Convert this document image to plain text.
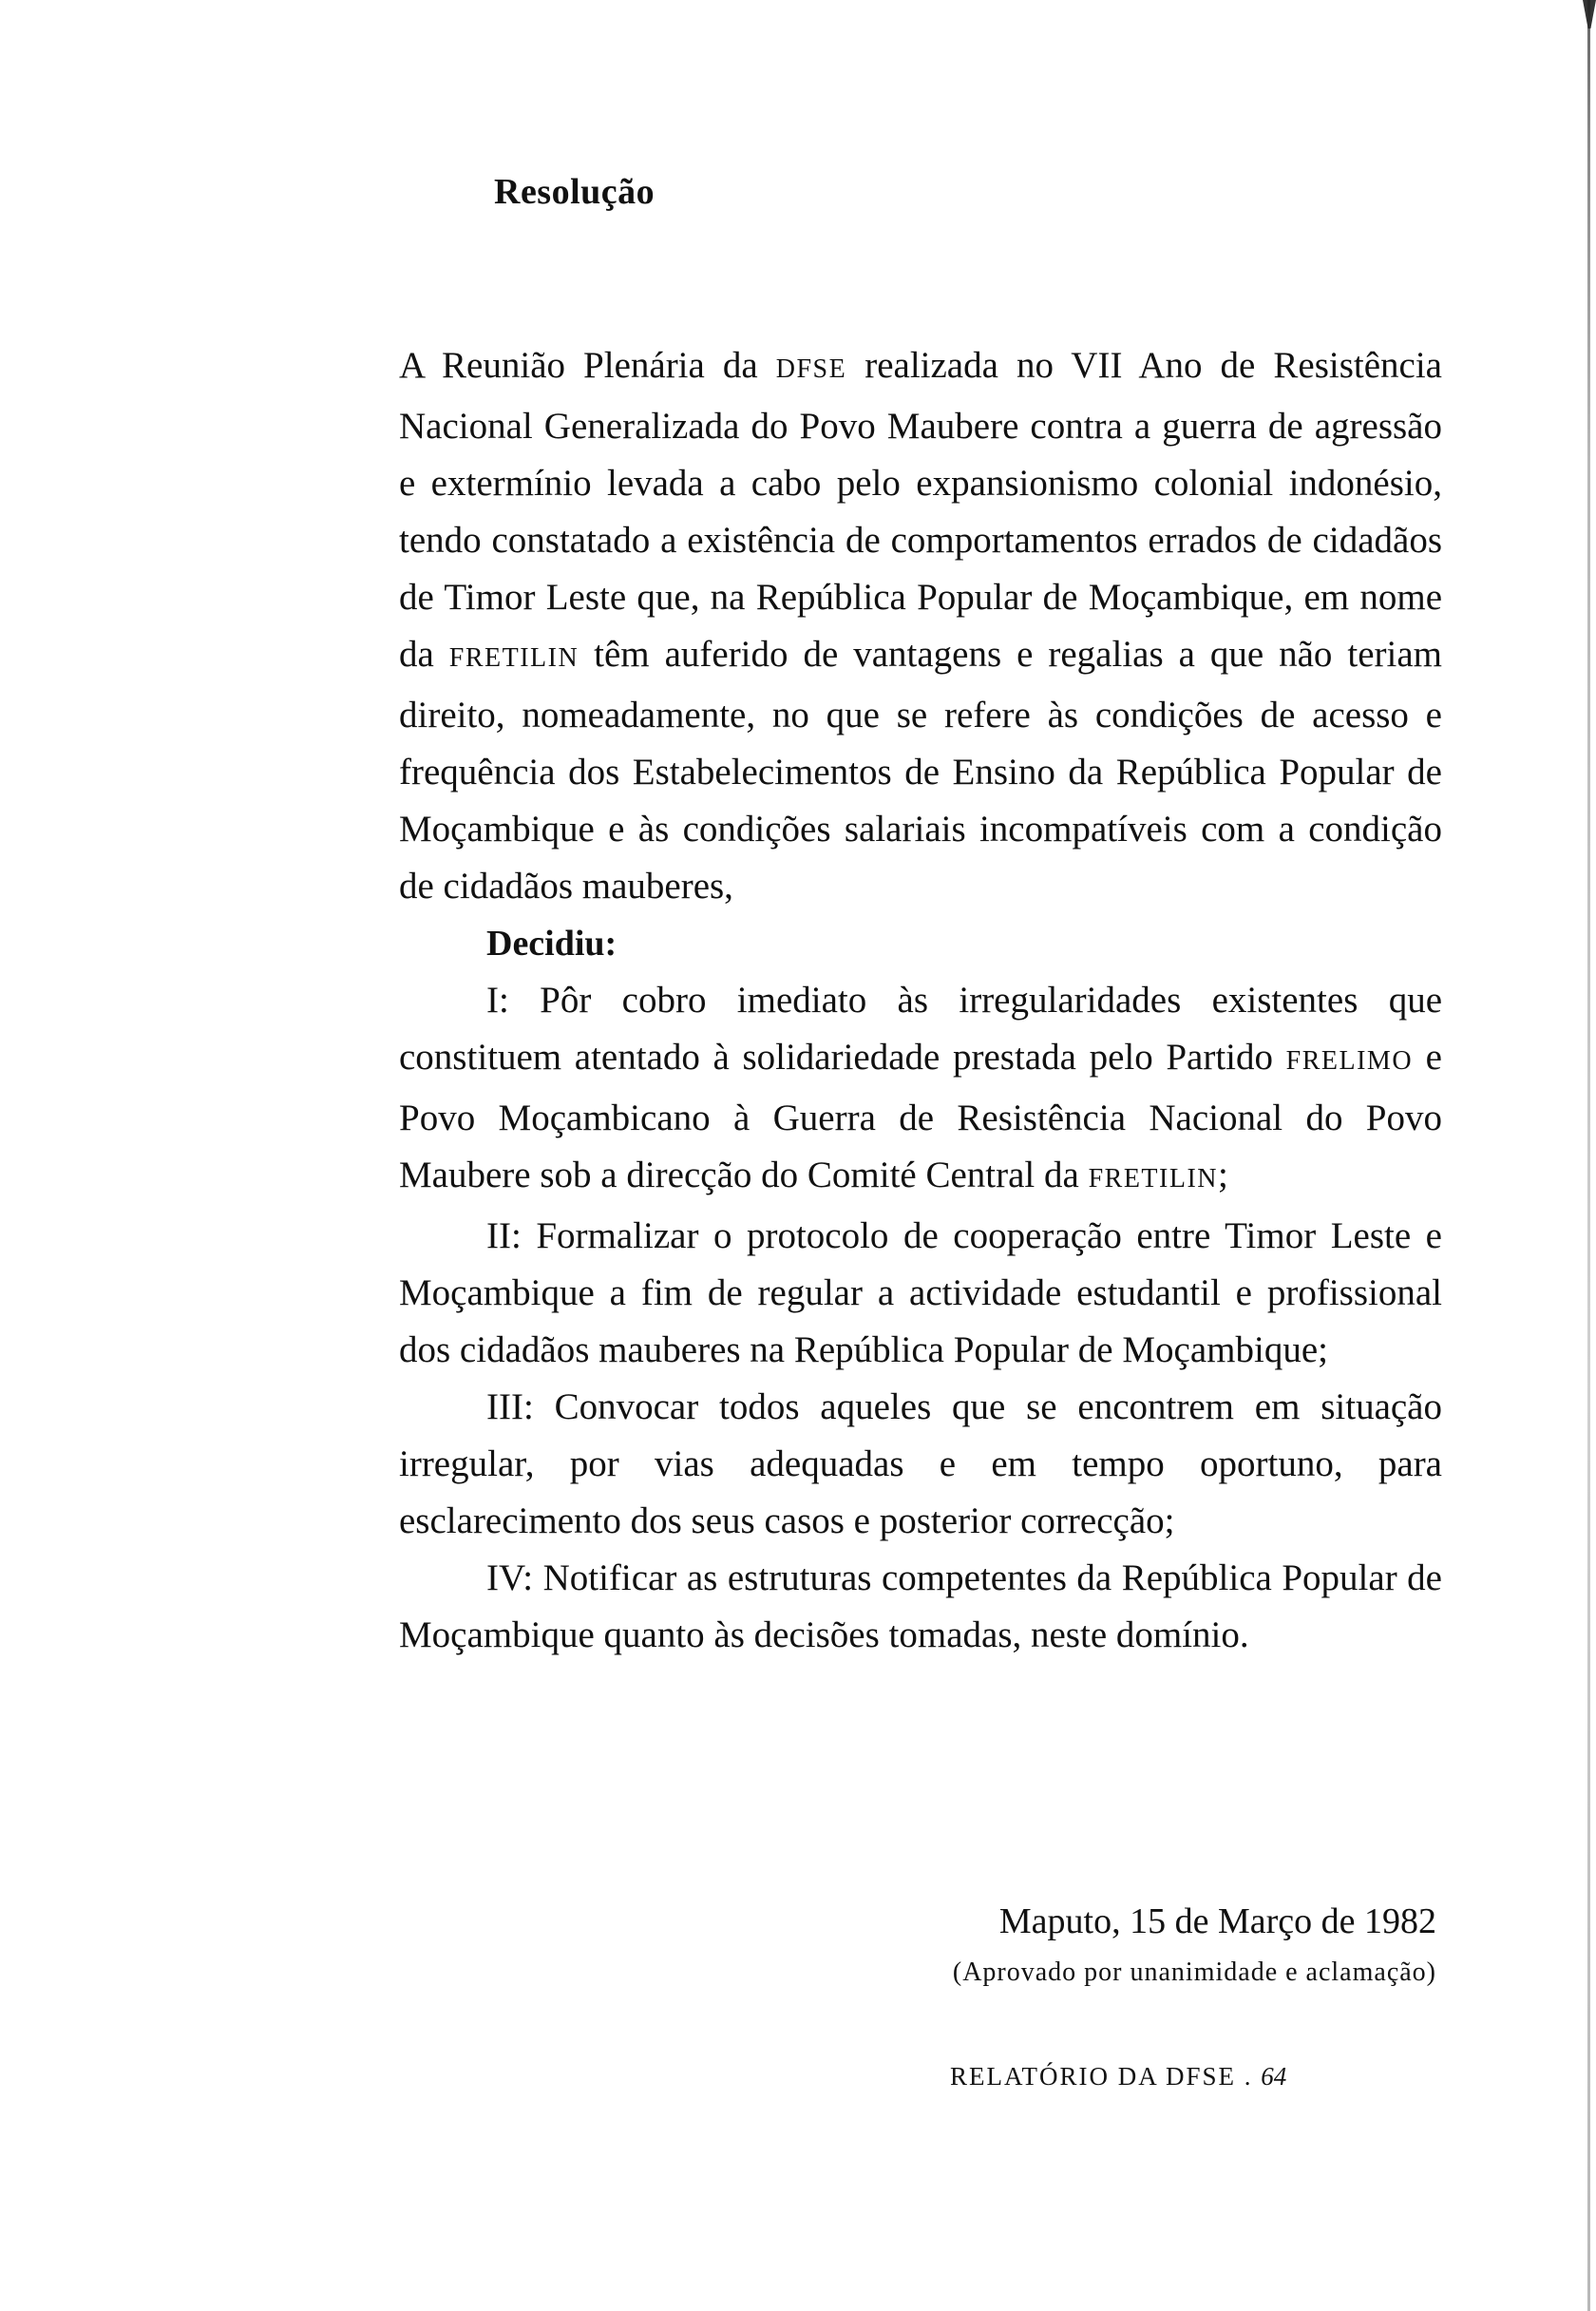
Resolução

A Reunião Plenária da DFSE realizada no VII Ano de Resistência Nacional Generalizada do Povo Maubere contra a guerra de agressão e extermínio levada a cabo pelo expansionismo colonial indonésio, tendo constatado a existência de comportamentos errados de cidadãos de Timor Leste que, na República Popular de Moçambique, em nome da FRETILIN têm auferido de vantagens e regalias a que não teriam direito, nomeadamente, no que se refere às condições de acesso e frequência dos Estabelecimentos de Ensino da República Popular de Moçambique e às condições salariais incompatíveis com a condição de cidadãos mauberes,

Decidiu:

I: Pôr cobro imediato às irregularidades existentes que constituem atentado à solidariedade prestada pelo Partido FRELIMO e Povo Moçambicano à Guerra de Resistência Nacional do Povo Maubere sob a direcção do Comité Central da FRETILIN;

II: Formalizar o protocolo de cooperação entre Timor Leste e Moçambique a fim de regular a actividade estudantil e profissional dos cidadãos mauberes na República Popular de Moçambique;

III: Convocar todos aqueles que se encontrem em situação irregular, por vias adequadas e em tempo oportuno, para esclarecimento dos seus casos e posterior correcção;

IV: Notificar as estruturas competentes da República Popular de Moçambique quanto às decisões tomadas, neste domínio.

Maputo, 15 de Março de 1982
(Aprovado por unanimidade e aclamação)
RELATÓRIO DA DFSE . 64
